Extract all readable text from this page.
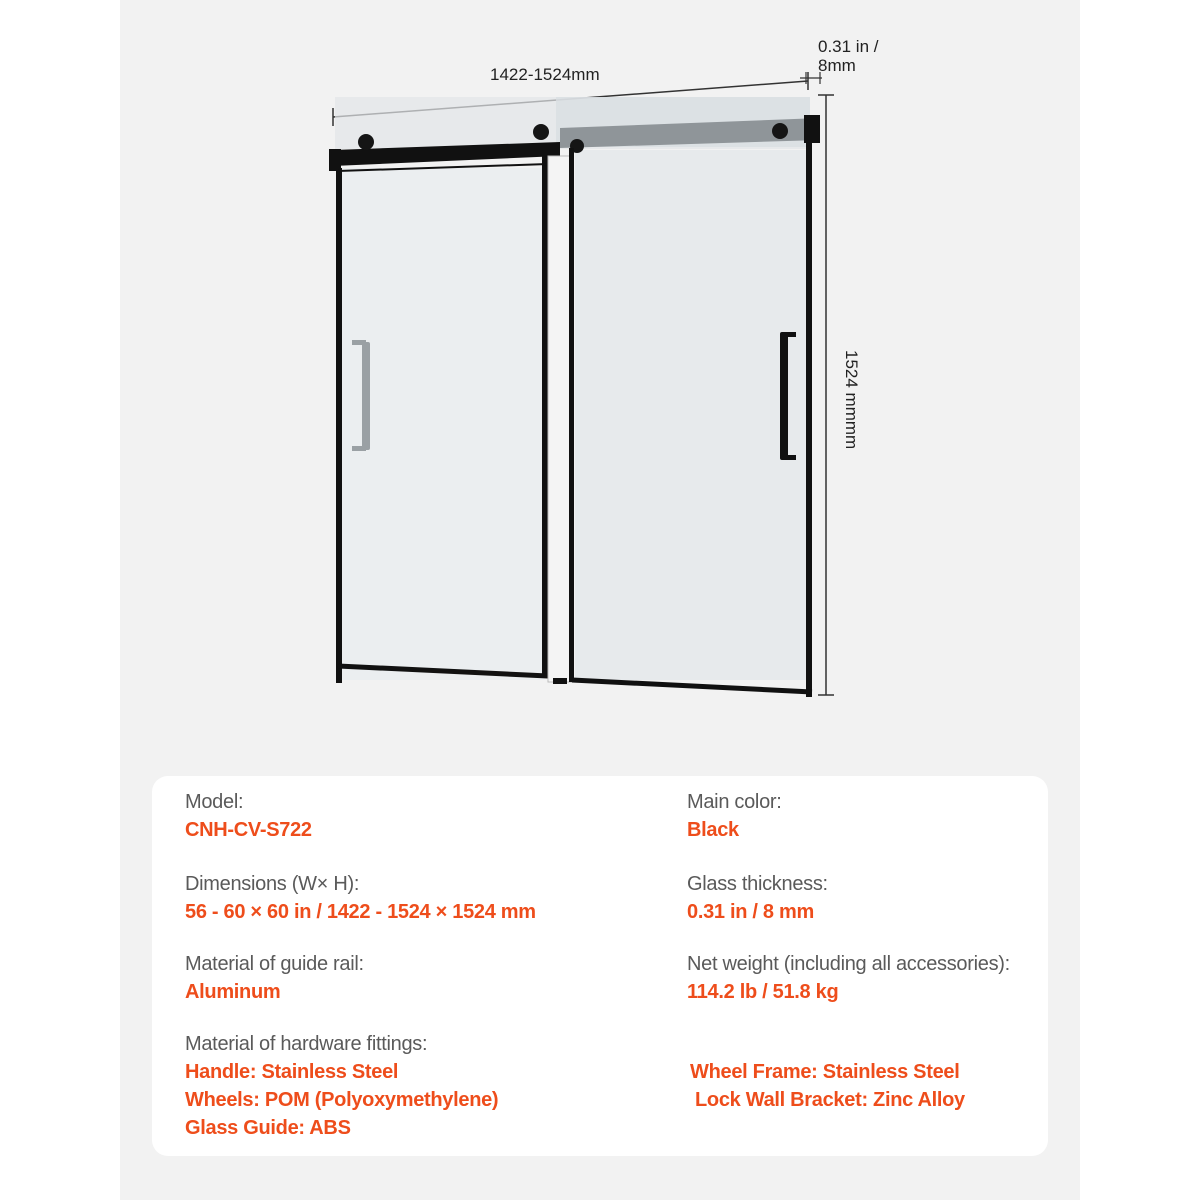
1422-1524mm
0.31 in /
8mm
1524 mmmm
Model:
CNH-CV-S722
Dimensions (W× H):
56 - 60 × 60 in / 1422 - 1524 × 1524 mm
Material of guide rail:
Aluminum
Material of hardware fittings:
Handle: Stainless Steel
Wheels: POM (Polyoxymethylene)
Glass Guide: ABS
Main color:
Black
Glass thickness:
0.31 in / 8 mm
Net weight (including all accessories):
114.2 lb / 51.8 kg
Wheel Frame: Stainless Steel
Lock Wall Bracket: Zinc Alloy
